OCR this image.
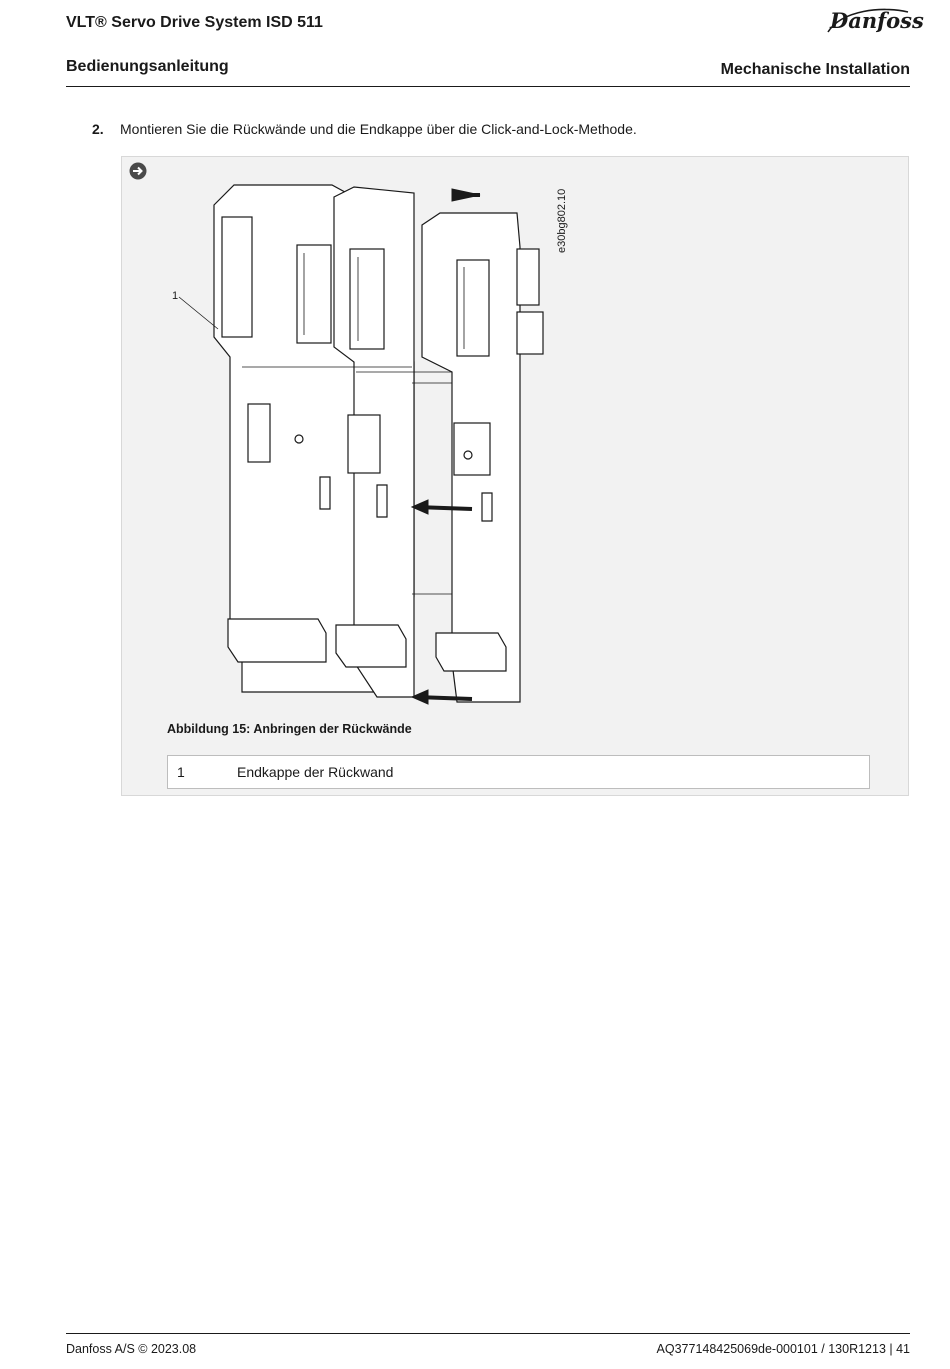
VLT® Servo Drive System ISD 511	Danfoss
Bedienungsanleitung	Mechanische Installation
2. Montieren Sie die Rückwände und die Endkappe über die Click-and-Lock-Methode.
1
e30bg802.10
Abbildung 15: Anbringen der Rückwände
1	Endkappe der Rückwand
Danfoss A/S © 2023.08	AQ377148425069de-000101 / 130R1213 | 41
